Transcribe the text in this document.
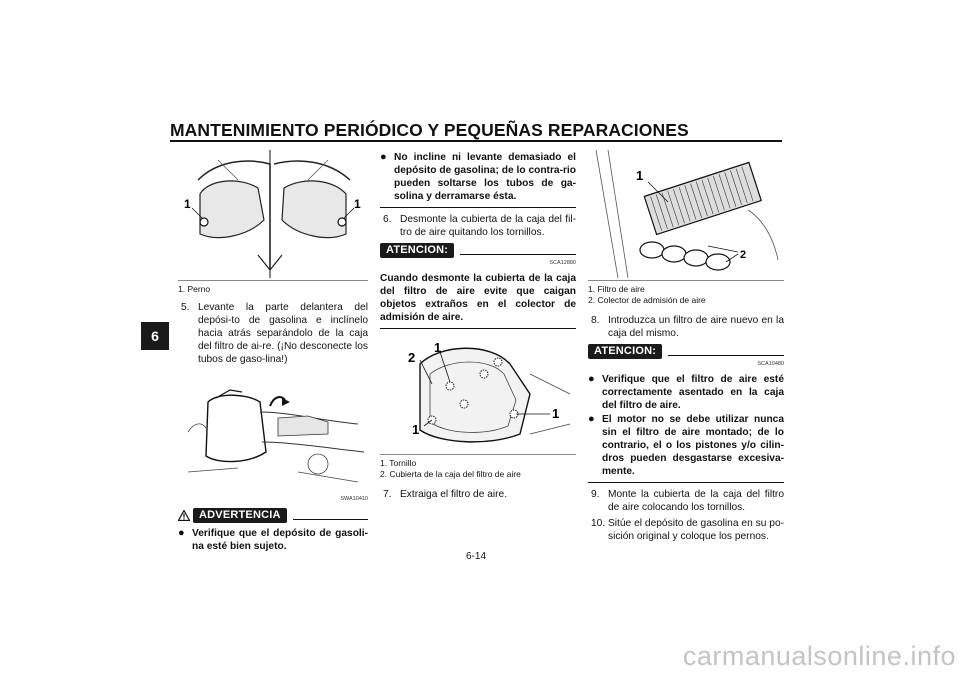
MANTENIMIENTO PERIÓDICO Y PEQUEÑAS REPARACIONES
6
1	1
1. Perno
5. Levante la parte delantera del depósi-to de gasolina e inclínelo hacia atrás separándolo de la caja del filtro de ai-re. (¡No desconecte los tubos de gaso-lina!)
SWA10410
ADVERTENCIA
● Verifique que el depósito de gasoli-na esté bien sujeto.
● No incline ni levante demasiado el depósito de gasolina; de lo contra-rio pueden soltarse los tubos de ga-solina y derramarse ésta.
6. Desmonte la cubierta de la caja del fil-tro de aire quitando los tornillos.
ATENCION:
SCA12880
Cuando desmonte la cubierta de la caja del filtro de aire evite que caigan objetos extraños en el colector de admisión de aire.
2
1
1
1
1. Tornillo
2. Cubierta de la caja del filtro de aire
7. Extraiga el filtro de aire.
1
2
1. Filtro de aire
2. Colector de admisión de aire
8. Introduzca un filtro de aire nuevo en la caja del mismo.
ATENCION:
SCA10480
● Verifique que el filtro de aire esté correctamente asentado en la caja del filtro de aire.
● El motor no se debe utilizar nunca sin el filtro de aire montado; de lo contrario, el o los pistones y/o cilin-dros pueden desgastarse excesiva-mente.
9. Monte la cubierta de la caja del filtro de aire colocando los tornillos.
10. Sitúe el depósito de gasolina en su po-sición original y coloque los pernos.
6-14
carmanualsonline.info
